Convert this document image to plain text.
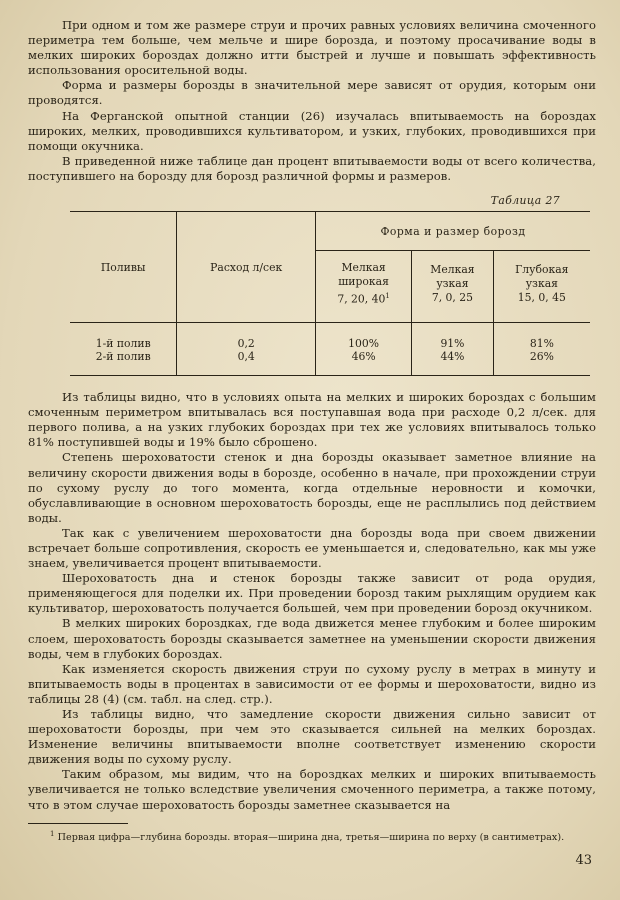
При одном и том же размере струи и прочих равных условиях величина смоченного периметра тем больше, чем мельче и шире борозда, и поэтому просачивание воды в мелких широких бороздах должно итти быстрей и лучше и повышать эффективность использования оросительной воды.

Форма и размеры борозды в значительной мере зависят от орудия, которым они проводятся.

На Ферганской опытной станции (26) изучалась впитываемость на бороздах широких, мелких, проводившихся культиватором, и узких, глубоких, проводившихся при помощи окучника.

В приведенной ниже таблице дан процент впитываемости воды от всего количества, поступившего на борозду для борозд различной формы и размеров.

Таблица 27
Поливы	Расход л/сек	Форма и размер борозд		
		Мелкая
широкая
7, 20, $40^1$	Мелкая
узкая
7, 0, 25	Глубокая
узкая
15, 0, 45
1-й полив	0,2	100%	91%	81%
2-й полив	0,4	46%	44%	26%

Из таблицы видно, что в условиях опыта на мелких и широких бороздах с большим смоченным периметром впитывалась вся поступавшая вода при расходе 0,2 л/сек. для первого полива, а на узких глубоких бороздах при тех же условиях впитывалось только 81% поступившей воды и 19% было сброшено.

Степень шероховатости стенок и дна борозды оказывает заметное влияние на величину скорости движения воды в борозде, особенно в начале, при прохождении струи по сухому руслу до того момента, когда отдельные неровности и комочки, обуславливающие в основном шероховатость борозды, еще не расплылись под действием воды.

Так как с увеличением шероховатости дна борозды вода при своем движении встречает больше сопротивления, скорость ее уменьшается и, следовательно, как мы уже знаем, увеличивается процент впитываемости.

Шероховатость дна и стенок борозды также зависит от рода орудия, применяющегося для поделки их. При проведении борозд таким рыхлящим орудием как культиватор, шероховатость получается большей, чем при проведении борозд окучником.

В мелких широких бороздках, где вода движется менее глубоким и более широким слоем, шероховатость борозды сказывается заметнее на уменьшении скорости движения воды, чем в глубоких бороздах.

Как изменяется скорость движения струи по сухому руслу в метрах в минуту и впитываемость воды в процентах в зависимости от ее формы и шероховатости, видно из таблицы 28 (4) (см. табл. на след. стр.).

Из таблицы видно, что замедление скорости движения сильно зависит от шероховатости борозды, при чем это сказывается сильней на мелких бороздах. Изменение величины впитываемости вполне соответствует изменению скорости движения воды по сухому руслу.

Таким образом, мы видим, что на бороздках мелких и широких впитываемость увеличивается не только вследствие увеличения смоченного периметра, а также потому, что в этом случае шероховатость борозды заметнее сказывается на

$^1$ Первая цифра—глубина борозды. вторая—ширина дна, третья—ширина по верху (в сантиметрах).

43
